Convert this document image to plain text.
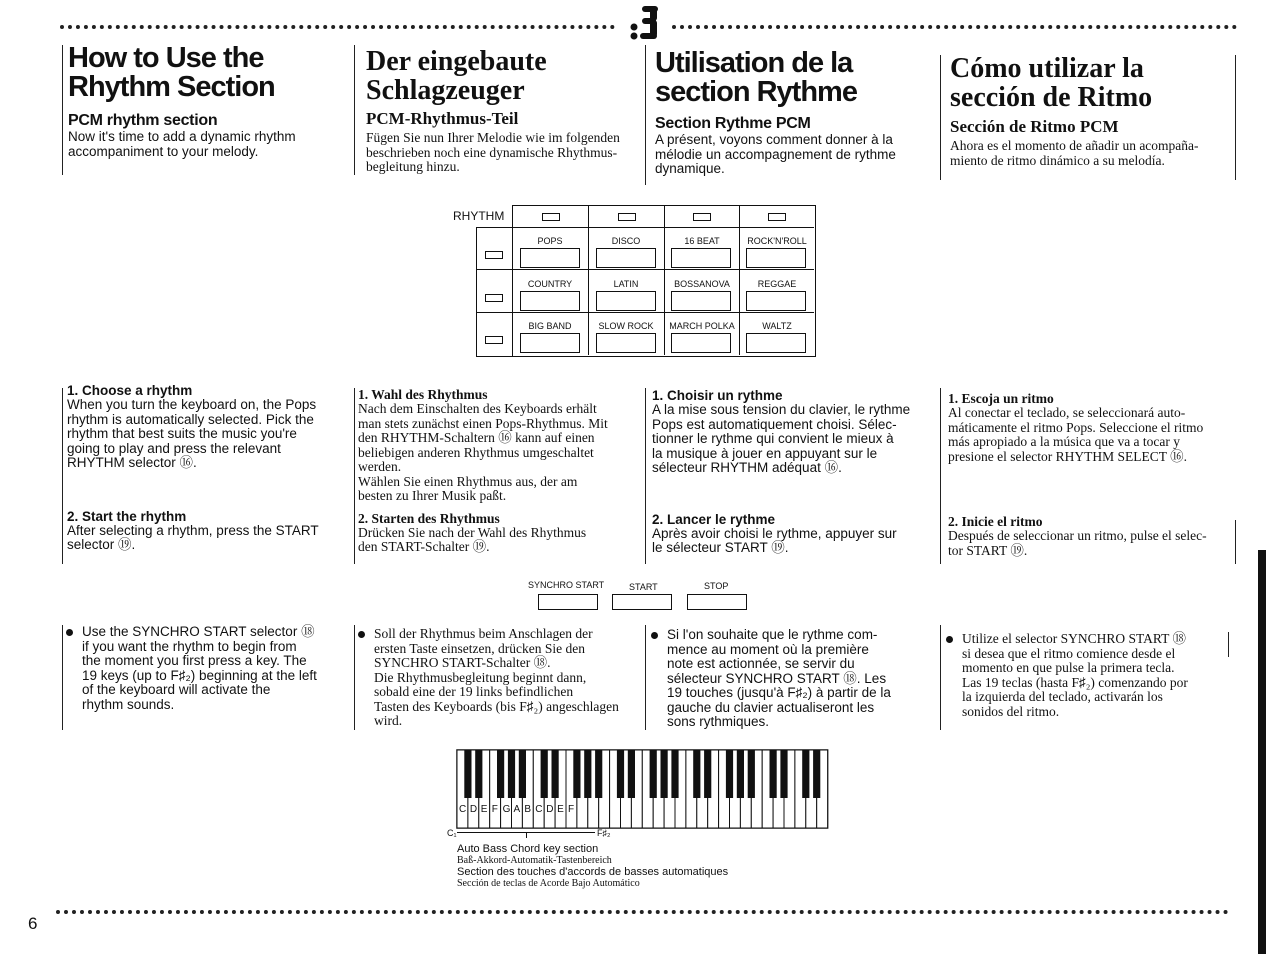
How to Use the
Rhythm Section
PCM rhythm section

Now it's time to add a dynamic rhythm
accompaniment to your melody.

1. Choose a rhythm

When you turn the keyboard on, the Pops
rhythm is automatically selected. Pick the
rhythm that best suits the music you're
going to play and press the relevant
RHYTHM selector ⑯.

2. Start the rhythm

After selecting a rhythm, press the START
selector ⑲.

Use the SYNCHRO START selector ⑱
if you want the rhythm to begin from
the moment you first press a key. The
19 keys (up to F♯₂) beginning at the left
of the keyboard will activate the
rhythm sounds.

Der eingebaute
Schlagzeuger
PCM-Rhythmus-Teil

Fügen Sie nun Ihrer Melodie wie im folgenden
beschrieben noch eine dynamische Rhythmus-
begleitung hinzu.

1. Wahl des Rhythmus

Nach dem Einschalten des Keyboards erhält
man stets zunächst einen Pops-Rhythmus. Mit
den RHYTHM-Schaltern ⑯ kann auf einen
beliebigen anderen Rhythmus umgeschaltet
werden.
Wählen Sie einen Rhythmus aus, der am
besten zu Ihrer Musik paßt.

2. Starten des Rhythmus

Drücken Sie nach der Wahl des Rhythmus
den START-Schalter ⑲.

Soll der Rhythmus beim Anschlagen der
ersten Taste einsetzen, drücken Sie den
SYNCHRO START-Schalter ⑱.
Die Rhythmusbegleitung beginnt dann,
sobald eine der 19 links befindlichen
Tasten des Keyboards (bis F♯₂) angeschlagen
wird.

Utilisation de la
section Rythme
Section Rythme PCM

A présent, voyons comment donner à la
mélodie un accompagnement de rythme
dynamique.

1. Choisir un rythme

A la mise sous tension du clavier, le rythme
Pops est automatiquement choisi. Sélec-
tionner le rythme qui convient le mieux à
la musique à jouer en appuyant sur le
sélecteur RHYTHM adéquat ⑯.

2. Lancer le rythme

Après avoir choisi le rythme, appuyer sur
le sélecteur START ⑲.

Si l'on souhaite que le rythme com-
mence au moment où la première
note est actionnée, se servir du
sélecteur SYNCHRO START ⑱. Les
19 touches (jusqu'à F♯₂) à partir de la
gauche du clavier actualiseront les
sons rythmiques.

Cómo utilizar la
sección de Ritmo
Sección de Ritmo PCM

Ahora es el momento de añadir un acompaña-
miento de ritmo dinámico a su melodía.

1. Escoja un ritmo

Al conectar el teclado, se seleccionará auto-
máticamente el ritmo Pops. Seleccione el ritmo
más apropiado a la música que va a tocar y
presione el selector RHYTHM SELECT ⑯.

2. Inicie el ritmo

Después de seleccionar un ritmo, pulse el selec-
tor START ⑲.

Utilize el selector SYNCHRO START ⑱
si desea que el ritmo comience desde el
momento en que pulse la primera tecla.
Las 19 teclas (hasta F♯₂) comenzando por
la izquierda del teclado, activarán los
sonidos del ritmo.

RHYTHM
POPS	DISCO	16 BEAT	ROCK'N'ROLL
COUNTRY	LATIN	BOSSANOVA	REGGAE
BIG BAND	SLOW ROCK	MARCH POLKA	WALTZ
SYNCHRO START	START	STOP
C D E F G A B C D E F
C₁	F♯₂
Auto Bass Chord key section
Baß-Akkord-Automatik-Tastenbereich
Section des touches d'accords de basses automatiques
Sección de teclas de Acorde Bajo Automático
6
